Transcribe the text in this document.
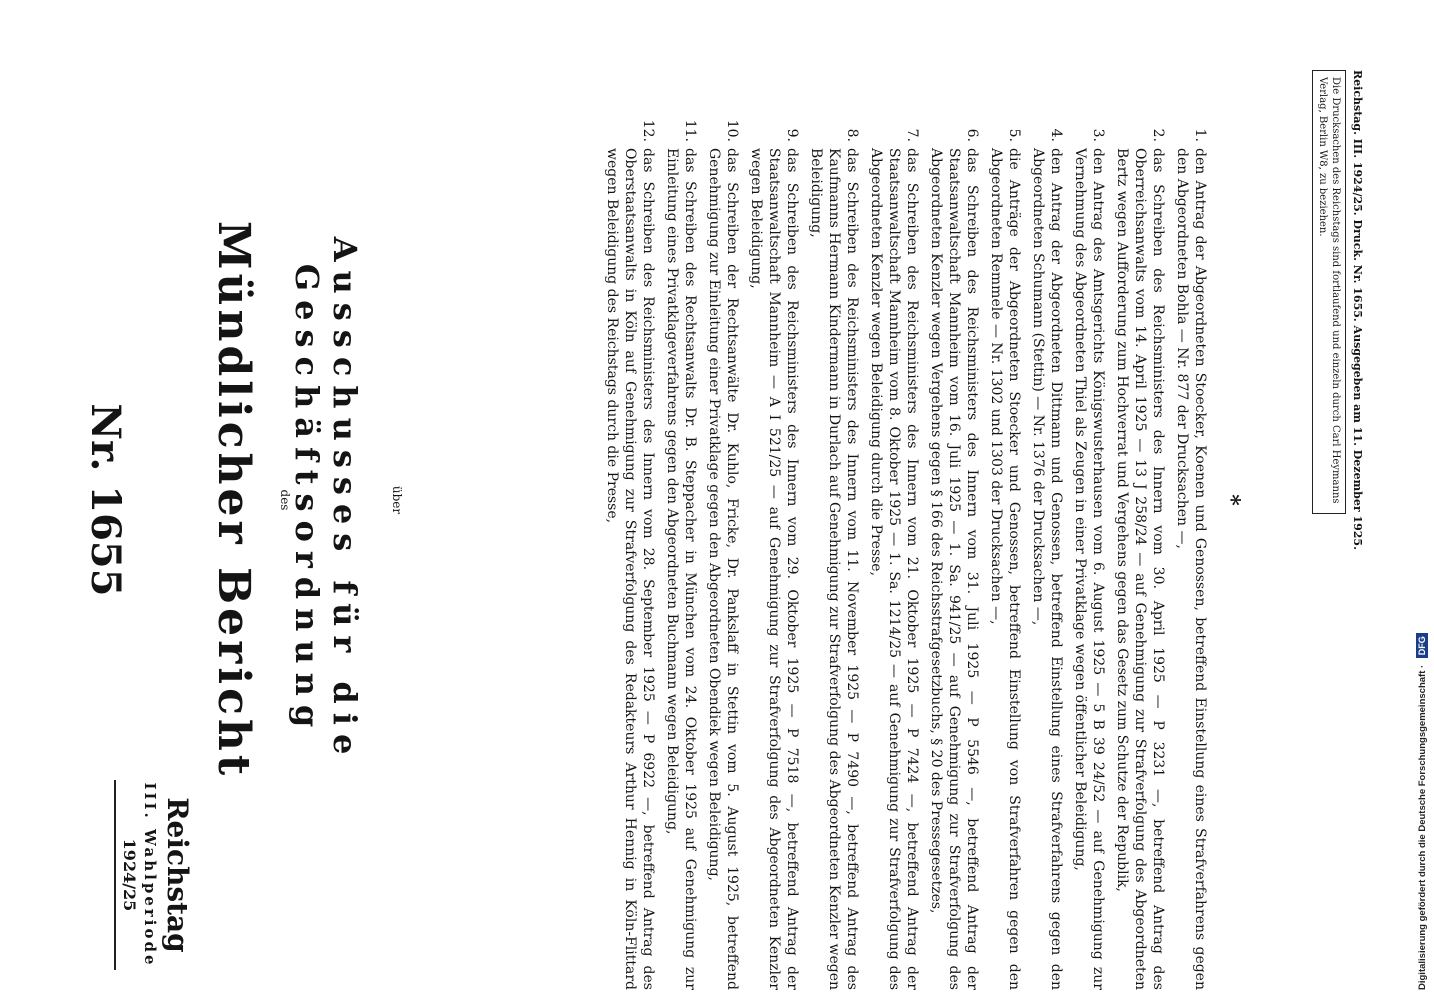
Digitalisierung gefördert durch die Deutsche Forschungsgemeinschaft · DFG
Reichstag
III. Wahlperiode
1924/25
Nr. 1655 Mündlicher Bericht des	Ausschusses für die Geschäftsordnung	über
1.
den Antrag der Abgeordneten Stoecker, Koenen und Genossen, betreffend Einstellung eines Strafverfahrens gegen den Abgeordneten Bohla — Nr. 877 der Drucksachen —,
2.
das Schreiben des Reichsministers des Innern vom 30. April 1925 — P 3231 —, betreffend Antrag des Oberreichsanwalts vom 14. April 1925 — 13 J 258/24 — auf Genehmigung zur Strafverfolgung des Abgeordneten Bertz wegen Aufforderung zum Hochverrat und Vergehens gegen das Gesetz zum Schutze der Republik,
3.
den Antrag des Amtsgerichts Königswusterhausen vom 6. August 1925 — 5 B 39 24/52 — auf Genehmigung zur Vernehmung des Abgeordneten Thiel als Zeugen in einer Privatklage wegen öffentlicher Beleidigung,
4.
den Antrag der Abgeordneten Dittmann und Genossen, betreffend Einstellung eines Strafverfahrens gegen den Abgeordneten Schumann (Stettin) — Nr. 1376 der Drucksachen —,
5.
die Anträge der Abgeordneten Stoecker und Genossen, betreffend Einstellung von Strafverfahren gegen den Abgeordneten Remmele — Nr. 1302 und 1303 der Drucksachen —,
6.
das Schreiben des Reichsministers des Innern vom 31. Juli 1925 — P 5546 —, betreffend Antrag der Staatsanwaltschaft Mannheim vom 16. Juli 1925 — 1. Sa. 941/25 — auf Genehmigung zur Strafverfolgung des Abgeordneten Kenzler wegen Vergehens gegen § 166 des Reichsstrafgesetzbuchs, § 20 des Pressegesetzes,
7.
das Schreiben des Reichsministers des Innern vom 21. Oktober 1925 — P 7424 —, betreffend Antrag der Staatsanwaltschaft Mannheim vom 8. Oktober 1925 — 1. Sa. 1214/25 — auf Genehmigung zur Strafverfolgung des Abgeordneten Kenzler wegen Beleidigung durch die Presse,
8.
das Schreiben des Reichsministers des Innern vom 11. November 1925 — P 7490 —, betreffend Antrag des Kaufmanns Hermann Kindermann in Durlach auf Genehmigung zur Strafverfolgung des Abgeordneten Kenzler wegen Beleidigung,
9.
das Schreiben des Reichsministers des Innern vom 29. Oktober 1925 — P 7518 —, betreffend Antrag der Staatsanwaltschaft Mannheim — A I 521/25 — auf Genehmigung zur Strafverfolgung des Abgeordneten Kenzler wegen Beleidigung,
10.
das Schreiben der Rechtsanwälte Dr. Kuhlo, Fricke, Dr. Pankslaff in Stettin vom 5. August 1925, betreffend Genehmigung zur Einleitung einer Privatklage gegen den Abgeordneten Obendiek wegen Beleidigung,
11.
das Schreiben des Rechtsanwalts Dr. B. Steppacher in München vom 24. Oktober 1925 auf Genehmigung zur Einleitung eines Privatklageverfahrens gegen den Abgeordneten Buchmann wegen Beleidigung,
12.
das Schreiben des Reichsministers des Innern vom 28. September 1925 — P 6922 —, betreffend Antrag des Oberstaatsanwalts in Köln auf Genehmigung zur Strafverfolgung des Redakteurs Arthur Hennig in Köln-Flittard wegen Beleidigung des Reichstags durch die Presse,	*	Reichstag. III. 1924/25. Druck. Nr. 1655. Ausgegeben am 11. Dezember 1925.
Die Drucksachen des Reichstags sind fortlaufend und einzeln durch Carl Heymanns Verlag, Berlin W8, zu beziehen.
